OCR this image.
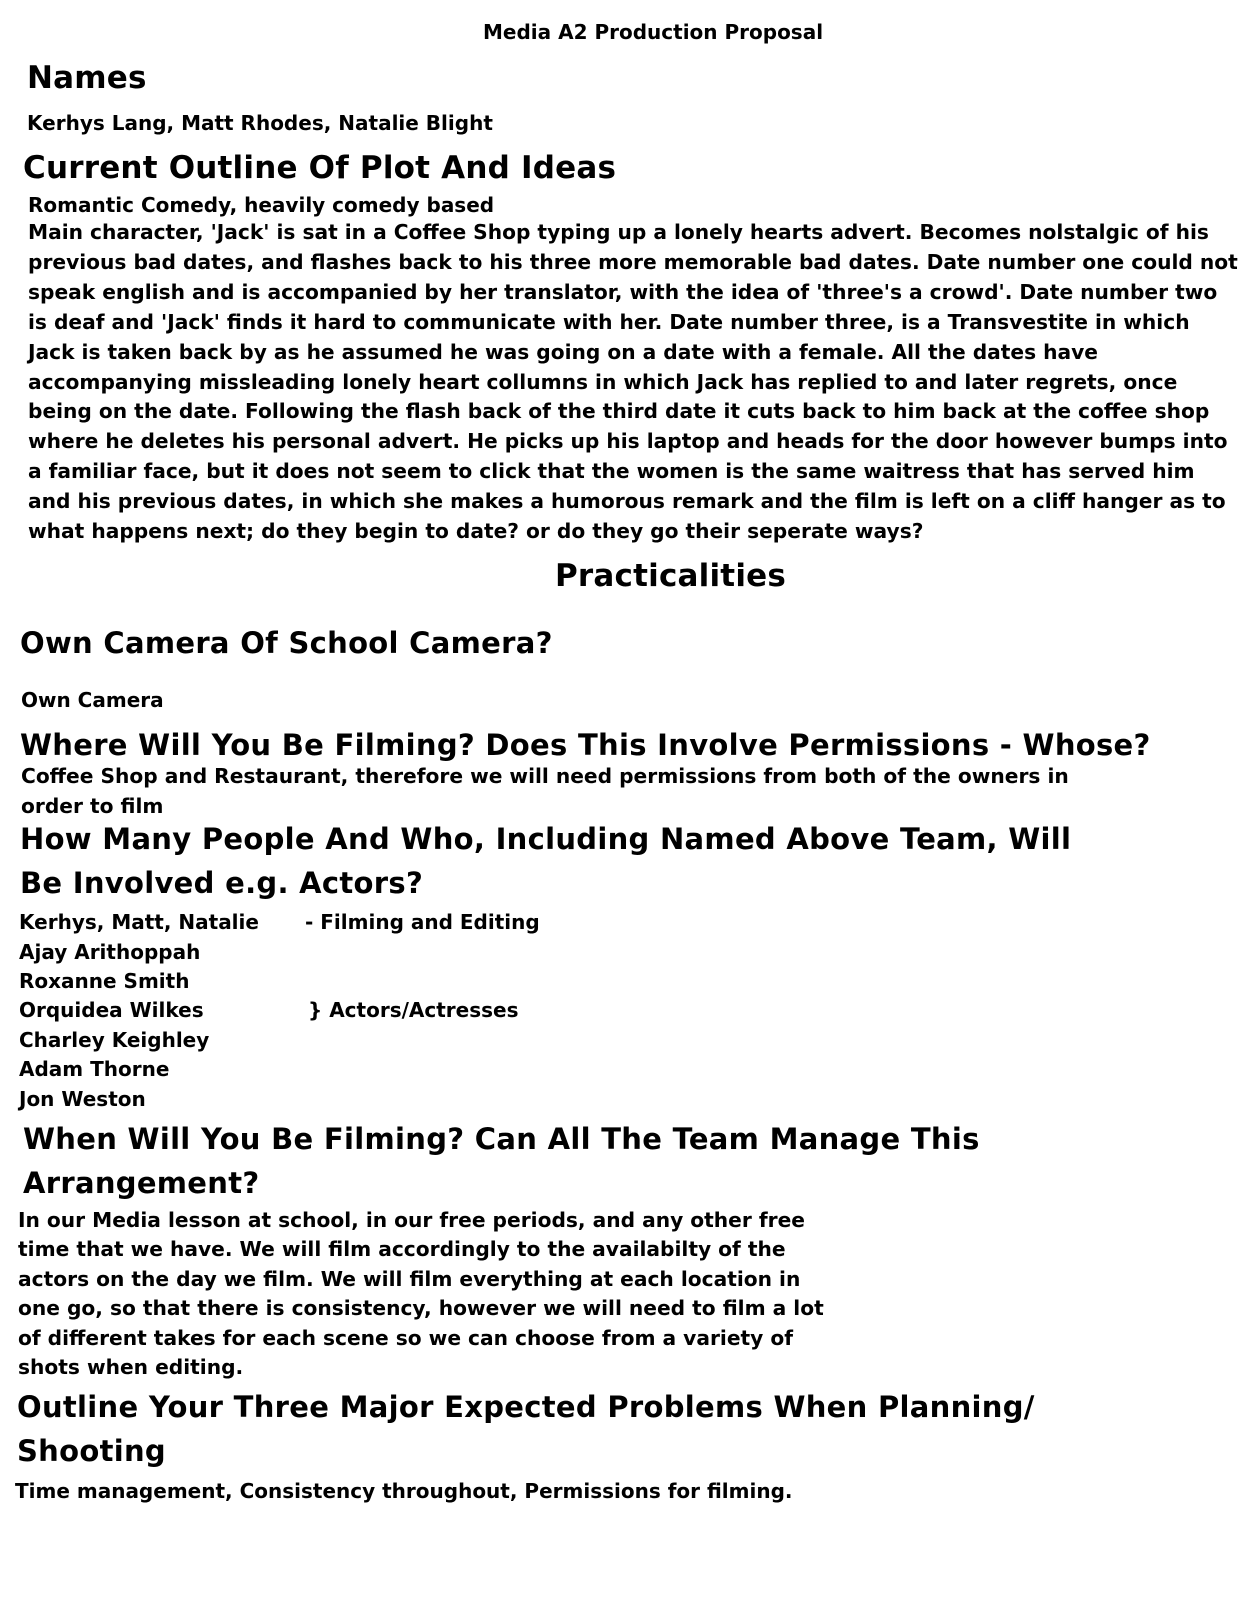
Media A2 Production Proposal
Names
Kerhys Lang, Matt Rhodes, Natalie Blight
Current Outline Of Plot And Ideas
Romantic Comedy, heavily comedy based
Main character, 'Jack' is sat in a Coffee Shop typing up a lonely hearts advert. Becomes nolstalgic of his previous bad dates, and flashes back to his three more memorable bad dates. Date number one could not speak english and is accompanied by her translator, with the idea of 'three's a crowd'. Date number two is deaf and 'Jack' finds it hard to communicate with her. Date number three, is a Transvestite in which Jack is taken back by as he assumed he was going on a date with a female. All the dates have accompanying missleading lonely heart collumns in which Jack has replied to and later regrets, once being on the date. Following the flash back of the third date it cuts back to him back at the coffee shop where he deletes his personal advert. He picks up his laptop and heads for the door however bumps into a familiar face, but it does not seem to click that the women is the same waitress that has served him and his previous dates, in which she makes a humorous remark and the film is left on a cliff hanger as to what happens next; do they begin to date? or do they go their seperate ways?
Practicalities
Own Camera Of School Camera?
Own Camera
Where Will You Be Filming? Does This Involve Permissions - Whose?
Coffee Shop and Restaurant, therefore we will need permissions from both of the owners in order to film
How Many People And Who, Including Named Above Team, Will
Be Involved e.g. Actors?
Kerhys, Matt, Natalie - Filming and Editing
Ajay Arithoppah
Roxanne Smith
Orquidea Wilkes
Charley Keighley
Adam Thorne
Jon Weston
} Actors/Actresses
When Will You Be Filming? Can All The Team Manage This
Arrangement?
In our Media lesson at school, in our free periods, and any other free time that we have. We will film accordingly to the availabilty of the actors on the day we film. We will film everything at each location in one go, so that there is consistency, however we will need to film a lot of different takes for each scene so we can choose from a variety of shots when editing.
Outline Your Three Major Expected Problems When Planning/
Shooting
Time management, Consistency throughout, Permissions for filming.
